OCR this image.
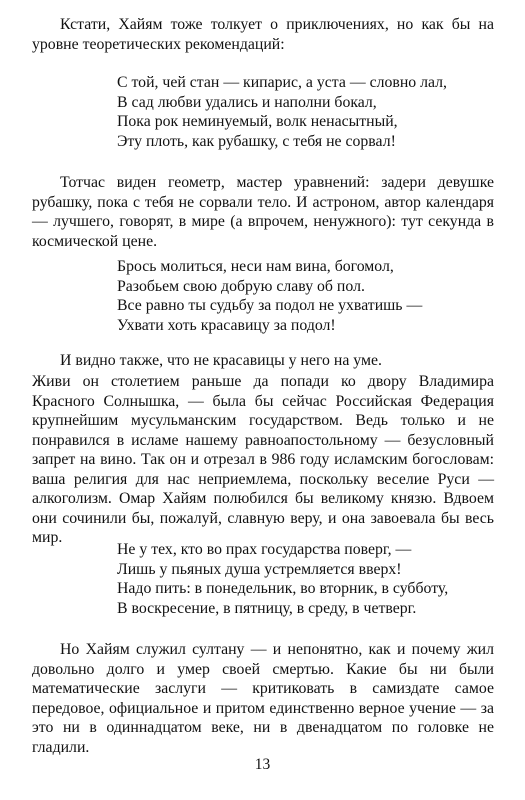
Кстати, Хайям тоже толкует о приключениях, но как бы на уровне теоретических рекомендаций:

С той, чей стан — кипарис, а уста — словно лал,
В сад любви удались и наполни бокал,
Пока рок неминуемый, волк ненасытный,
Эту плоть, как рубашку, с тебя не сорвал!

Тотчас виден геометр, мастер уравнений: задери девушке рубашку, пока с тебя не сорвали тело. И астроном, автор календаря — лучшего, говорят, в мире (а впрочем, ненужного): тут секунда в космической цене.

Брось молиться, неси нам вина, богомол,
Разобьем свою добрую славу об пол.
Все равно ты судьбу за подол не ухватишь —
Ухвати хоть красавицу за подол!

И видно также, что не красавицы у него на уме.

Живи он столетием раньше да попади ко двору Владимира Красного Солнышка, — была бы сейчас Российская Федерация крупнейшим мусульманским государством. Ведь только и не понравился в исламе нашему равноапостольному — безусловный запрет на вино. Так он и отрезал в 986 году исламским богословам: ваша религия для нас неприемлема, поскольку веселие Руси — алкоголизм. Омар Хайям полюбился бы великому князю. Вдвоем они сочинили бы, пожалуй, славную веру, и она завоевала бы весь мир.

Не у тех, кто во прах государства поверг, —
Лишь у пьяных душа устремляется вверх!
Надо пить: в понедельник, во вторник, в субботу,
В воскресение, в пятницу, в среду, в четверг.

Но Хайям служил султану — и непонятно, как и почему жил довольно долго и умер своей смертью. Какие бы ни были математические заслуги — критиковать в самиздате самое передовое, официальное и притом единственно верное учение — за это ни в одиннадцатом веке, ни в двенадцатом по головке не гладили.

13
